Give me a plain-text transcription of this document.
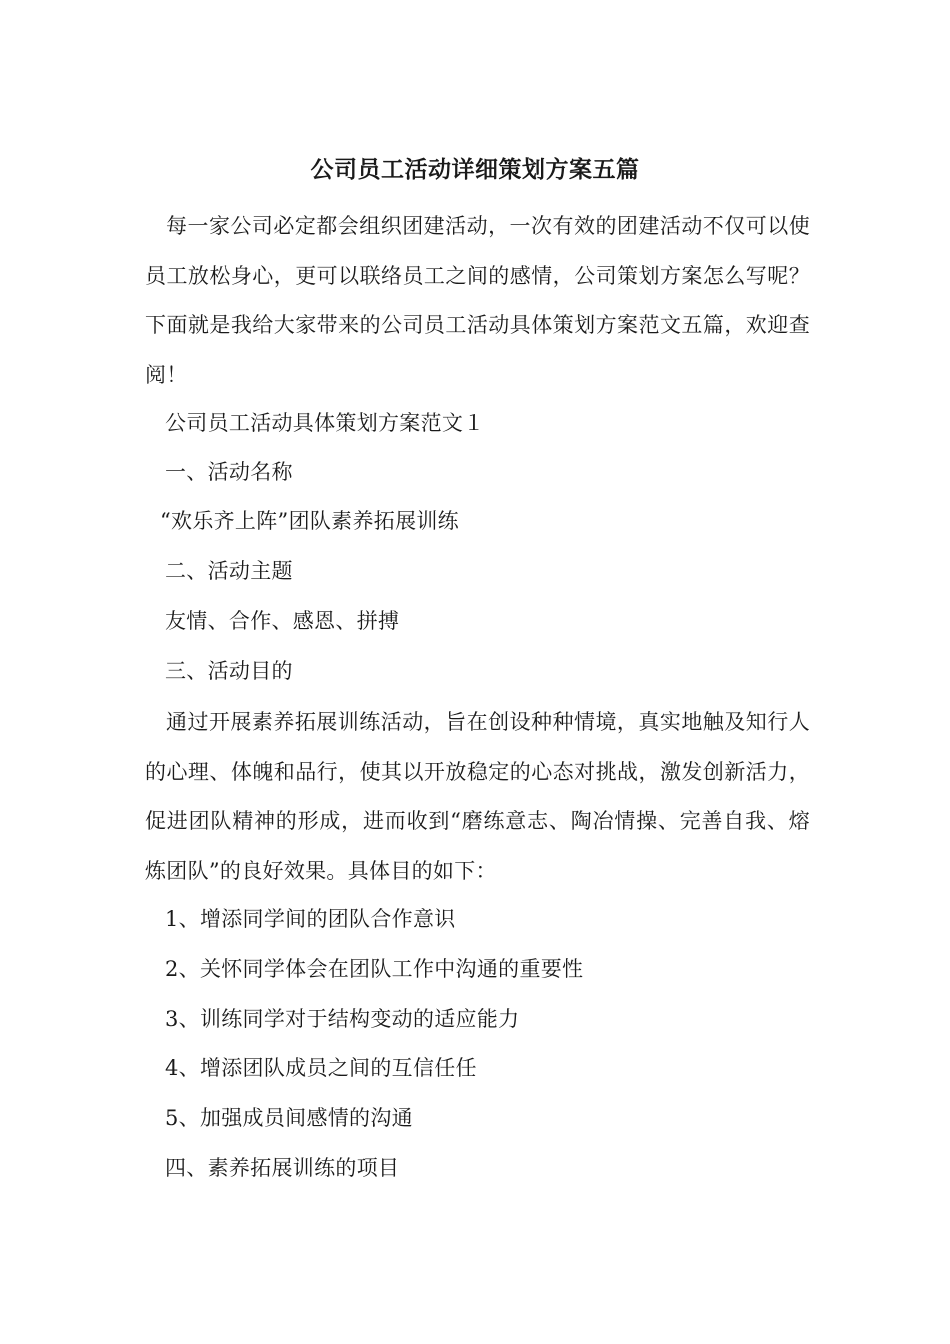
公司员工活动详细策划方案五篇

每一家公司必定都会组织团建活动，一次有效的团建活动不仅可以使员工放松身心，更可以联络员工之间的感情，公司策划方案怎么写呢？下面就是我给大家带来的公司员工活动具体策划方案范文五篇，欢迎查阅！

公司员工活动具体策划方案范文１
一、活动名称
“欢乐齐上阵”团队素养拓展训练
二、活动主题
友情、合作、感恩、拼搏
三、活动目的

通过开展素养拓展训练活动，旨在创设种种情境，真实地触及知行人的心理、体魄和品行，使其以开放稳定的心态对挑战，激发创新活力，促进团队精神的形成，进而收到“磨练意志、陶冶情操、完善自我、熔炼团队”的良好效果。具体目的如下：

1、增添同学间的团队合作意识
2、关怀同学体会在团队工作中沟通的重要性
3、训练同学对于结构变动的适应能力
4、增添团队成员之间的互信任任
5、加强成员间感情的沟通
四、素养拓展训练的项目
